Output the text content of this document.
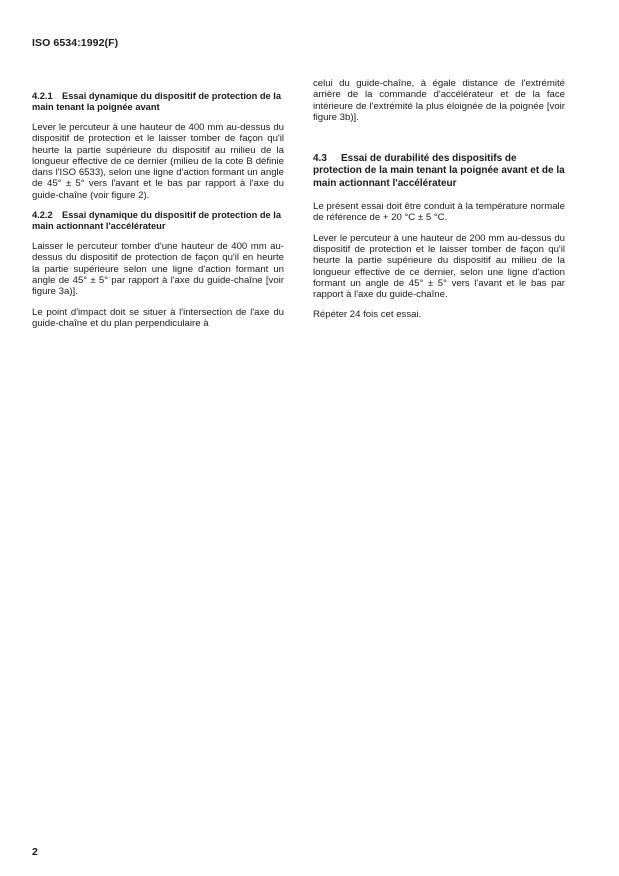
ISO 6534:1992(F)
4.2.1 Essai dynamique du dispositif de protection de la main tenant la poignée avant

Lever le percuteur à une hauteur de 400 mm au-dessus du dispositif de protection et le laisser tomber de façon qu'il heurte la partie supérieure du dispositif au milieu de la longueur effective de ce dernier (milieu de la cote B définie dans l'ISO 6533), selon une ligne d'action formant un angle de 45° ± 5° vers l'avant et le bas par rapport à l'axe du guide-chaîne (voir figure 2).

4.2.2 Essai dynamique du dispositif de protection de la main actionnant l'accélérateur

Laisser le percuteur tomber d'une hauteur de 400 mm au-dessus du dispositif de protection de façon qu'il en heurte la partie supérieure selon une ligne d'action formant un angle de 45° ± 5° par rapport à l'axe du guide-chaîne [voir figure 3a)].

Le point d'impact doit se situer à l'intersection de l'axe du guide-chaîne et du plan perpendiculaire à

celui du guide-chaîne, à égale distance de l'extrémité arrière de la commande d'accélérateur et de la face intérieure de l'extrémité la plus éloignée de la poignée [voir figure 3b)].

4.3 Essai de durabilité des dispositifs de protection de la main tenant la poignée avant et de la main actionnant l'accélérateur

Le présent essai doit être conduit à la température normale de référence de + 20 °C ± 5 °C.

Lever le percuteur à une hauteur de 200 mm au-dessus du dispositif de protection et le laisser tomber de façon qu'il heurte la partie supérieure du dispositif au milieu de la longueur effective de ce dernier, selon une ligne d'action formant un angle de 45° ± 5° vers l'avant et le bas par rapport à l'axe du guide-chaîne.

Répéter 24 fois cet essai.

2
